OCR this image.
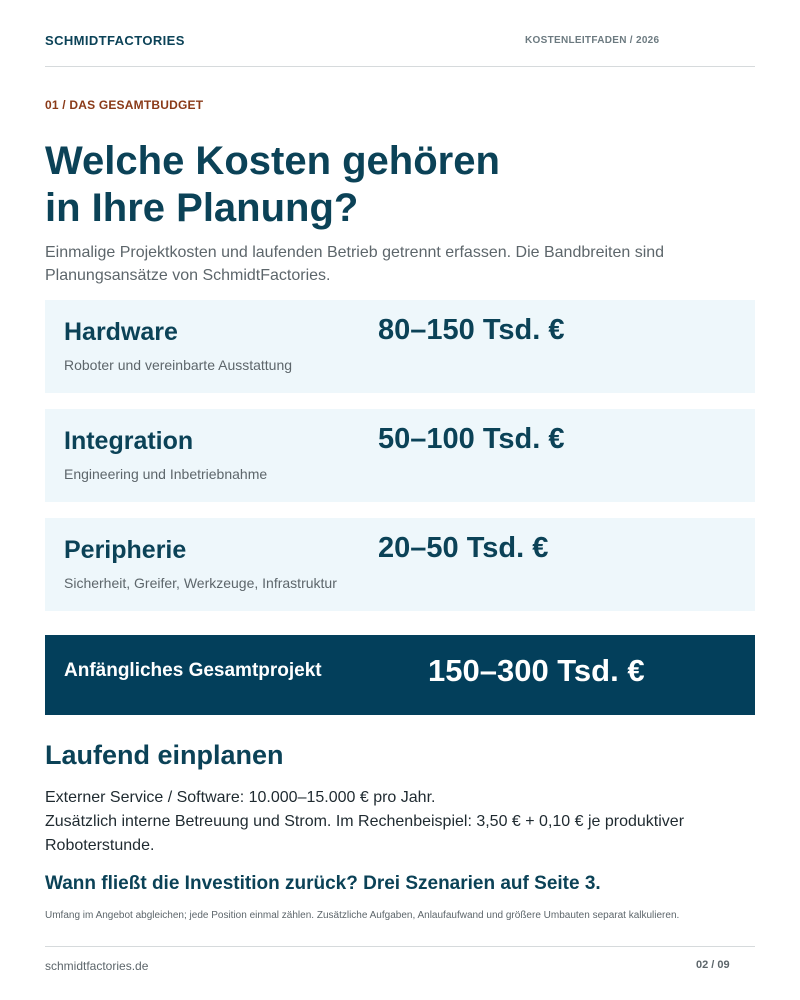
SCHMIDTFACTORIES	KOSTENLEITFADEN / 2026
01 / DAS GESAMTBUDGET
Welche Kosten gehören
in Ihre Planung?
Einmalige Projektkosten und laufenden Betrieb getrennt erfassen. Die Bandbreiten sind Planungsansätze von SchmidtFactories.
Hardware
Roboter und vereinbarte Ausstattung
80–150 Tsd. €
Integration
Engineering und Inbetriebnahme
50–100 Tsd. €
Peripherie
Sicherheit, Greifer, Werkzeuge, Infrastruktur
20–50 Tsd. €
Anfängliches Gesamtprojekt	150–300 Tsd. €
Laufend einplanen
Externer Service / Software: 10.000–15.000 € pro Jahr.
Zusätzlich interne Betreuung und Strom. Im Rechenbeispiel: 3,50 € + 0,10 € je produktiver Roboterstunde.
Wann fließt die Investition zurück? Drei Szenarien auf Seite 3.
Umfang im Angebot abgleichen; jede Position einmal zählen. Zusätzliche Aufgaben, Anlaufaufwand und größere Umbauten separat kalkulieren.
schmidtfactories.de	02 / 09
